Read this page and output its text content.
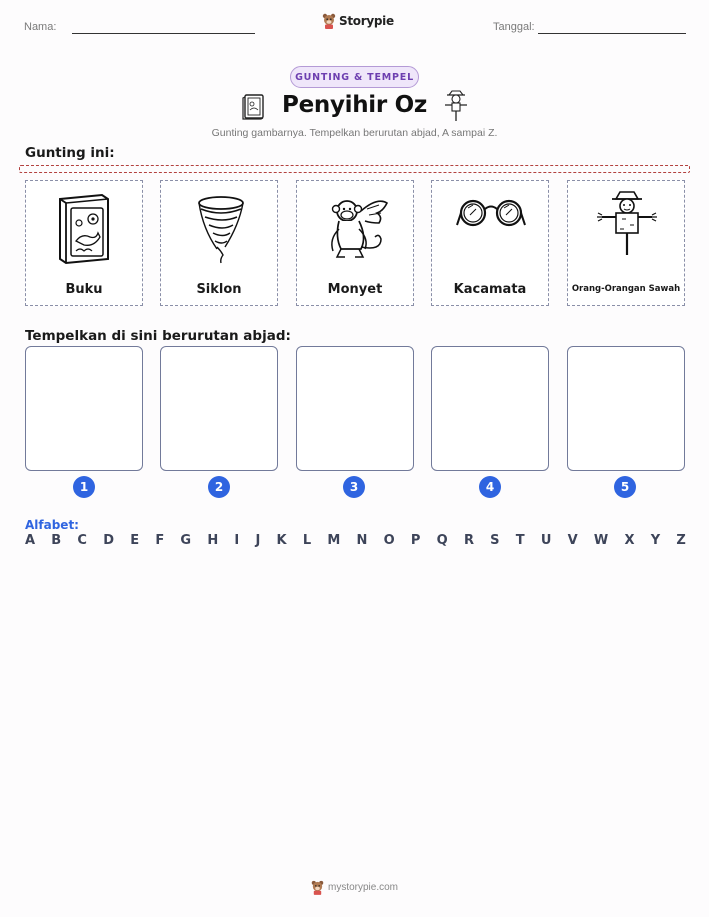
Nama:	Storypie	Tanggal:
GUNTING & TEMPEL
Penyihir Oz
Gunting gambarnya. Tempelkan berurutan abjad, A sampai Z.
Gunting ini:
Buku	Siklon	Monyet	Kacamata	Orang-Orangan Sawah
Tempelkan di sini berurutan abjad:
1	2	3	4	5
Alfabet:
A B C D E F G H I J K L M N O P Q R S T U V W X Y Z
mystorypie.com
